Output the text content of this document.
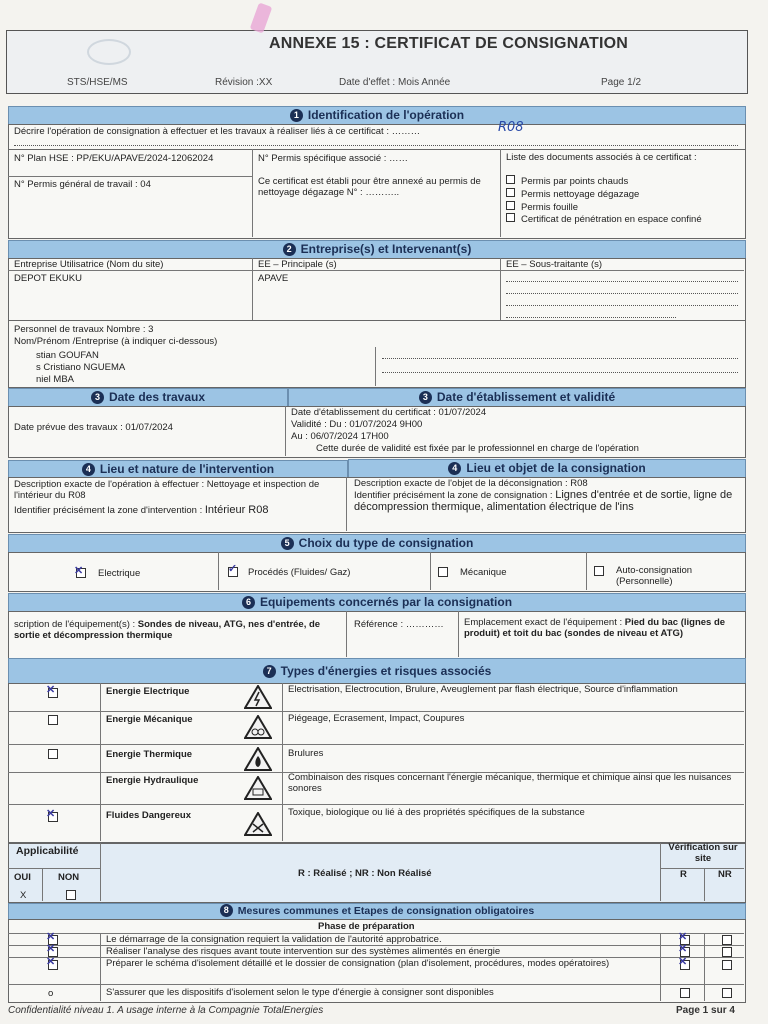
ANNEXE 15 : CERTIFICAT DE CONSIGNATION
STS/HSE/MS	Révision :XX	Date d'effet : Mois Année	Page 1/2
1 Identification de l'opération
Décrire l'opération de consignation à effectuer et les travaux à réaliser liés à ce certificat : ………	R08
N° Plan HSE : PP/EKU/APAVE/2024-12062024
N° Permis général de travail : 04
N° Permis spécifique associé : ……
Ce certificat est établi pour être annexé au permis de nettoyage dégazage N° : ………..
Liste des documents associés à ce certificat :
Permis par points chauds
Permis nettoyage dégazage
Permis fouille
Certificat de pénétration en espace confiné
2 Entreprise(s) et Intervenant(s)
Entreprise Utilisatrice (Nom du site)
DEPOT EKUKU
EE – Principale (s)
APAVE
EE – Sous-traitante (s)
Personnel de travaux Nombre : 3
Nom/Prénom /Entreprise (à indiquer ci-dessous)
stian GOUFAN
s Cristiano NGUEMA
niel MBA
3 Date des travaux	3 Date d'établissement et validité
Date prévue des travaux : 01/07/2024
Date d'établissement du certificat : 01/07/2024
Validité : Du : 01/07/2024 9H00
Au : 06/07/2024 17H00
Cette durée de validité est fixée par le professionnel en charge de l'opération
4 Lieu et nature de l'intervention	4 Lieu et objet de la consignation
Description exacte de l'opération à effectuer : Nettoyage et inspection de l'intérieur du R08
Identifier précisément la zone d'intervention : Intérieur R08
Description exacte de l'objet de la déconsignation : R08
Identifier précisément la zone de consignation : Lignes d'entrée et de sortie, ligne de décompression thermique, alimentation électrique de l'ins
5 Choix du type de consignation
✕ Electrique	✓ Procédés (Fluides/ Gaz)	Mécanique	Auto-consignation (Personnelle)
6 Equipements concernés par la consignation
scription de l'équipement(s) : Sondes de niveau, ATG, nes d'entrée, de sortie et décompression thermique
Référence : …………	Emplacement exact de l'équipement : Pied du bac (lignes de produit) et toit du bac (sondes de niveau et ATG)
7 Types d'énergies et risques associés
✕	Energie Electrique	Electrisation, Electrocution, Brulure, Aveuglement par flash électrique, Source d'inflammation
Energie Mécanique	Piégeage, Ecrasement, Impact, Coupures
Energie Thermique	Brulures
Energie Hydraulique	Combinaison des risques concernant l'énergie mécanique, thermique et chimique ainsi que les nuisances sonores
✕	Fluides Dangereux	Toxique, biologique ou lié à des propriétés spécifiques de la substance
Applicabilité
OUI	NON
X
R : Réalisé ; NR : Non Réalisé
Vérification sur site
R	NR
8 Mesures communes et Etapes de consignation obligatoires
Phase de préparation
✕	Le démarrage de la consignation requiert la validation de l'autorité approbatrice.	✕
✕	Réaliser l'analyse des risques avant toute intervention sur des systèmes alimentés en énergie	✕
✕	Préparer le schéma d'isolement détaillé et le dossier de consignation (plan d'isolement, procédures, modes opératoires)	✕
o	S'assurer que les dispositifs d'isolement selon le type d'énergie à consigner sont disponibles
Confidentialité niveau 1. A usage interne à la Compagnie TotalEnergies	Page 1 sur 4
